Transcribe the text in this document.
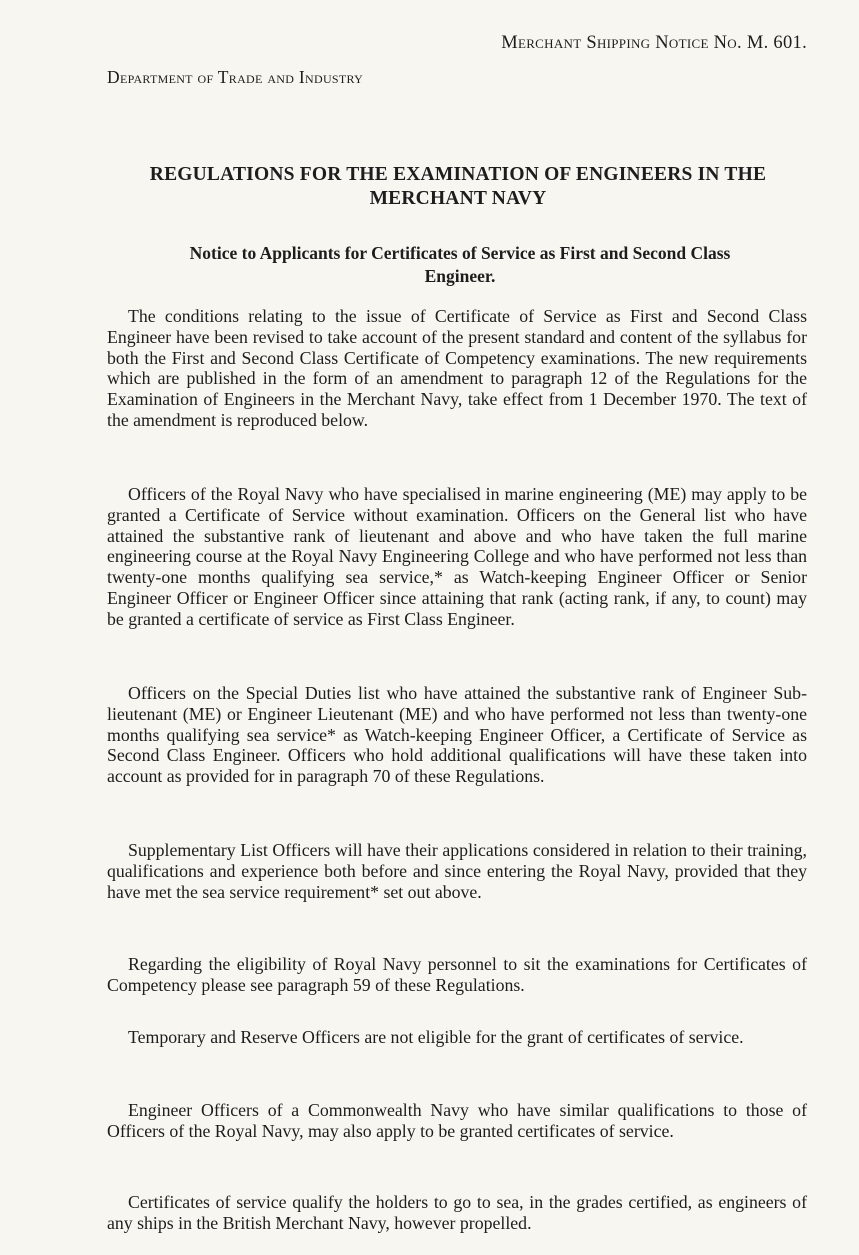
Merchant Shipping Notice No. M. 601.
Department of Trade and Industry
REGULATIONS FOR THE EXAMINATION OF ENGINEERS IN THE
MERCHANT NAVY
Notice to Applicants for Certificates of Service as First and Second Class
Engineer.

The conditions relating to the issue of Certificate of Service as First and Second Class Engineer have been revised to take account of the present standard and content of the syllabus for both the First and Second Class Certificate of Competency examinations. The new requirements which are published in the form of an amendment to paragraph 12 of the Regulations for the Examination of Engineers in the Merchant Navy, take effect from 1 December 1970. The text of the amendment is reproduced below.

Officers of the Royal Navy who have specialised in marine engineering (ME) may apply to be granted a Certificate of Service without examination. Officers on the General list who have attained the substantive rank of lieutenant and above and who have taken the full marine engineering course at the Royal Navy Engineering College and who have performed not less than twenty-one months qualifying sea service,* as Watch-keeping Engineer Officer or Senior Engineer Officer or Engineer Officer since attaining that rank (acting rank, if any, to count) may be granted a certificate of service as First Class Engineer.

Officers on the Special Duties list who have attained the substantive rank of Engineer Sub-lieutenant (ME) or Engineer Lieutenant (ME) and who have performed not less than twenty-one months qualifying sea service* as Watch-keeping Engineer Officer, a Certificate of Service as Second Class Engineer. Officers who hold additional qualifications will have these taken into account as provided for in paragraph 70 of these Regulations.

Supplementary List Officers will have their applications considered in relation to their training, qualifications and experience both before and since entering the Royal Navy, provided that they have met the sea service requirement* set out above.

Regarding the eligibility of Royal Navy personnel to sit the examinations for Certificates of Competency please see paragraph 59 of these Regulations.

Temporary and Reserve Officers are not eligible for the grant of certificates of service.

Engineer Officers of a Commonwealth Navy who have similar qualifications to those of Officers of the Royal Navy, may also apply to be granted certificates of service.

Certificates of service qualify the holders to go to sea, in the grades certified, as engineers of any ships in the British Merchant Navy, however propelled.
